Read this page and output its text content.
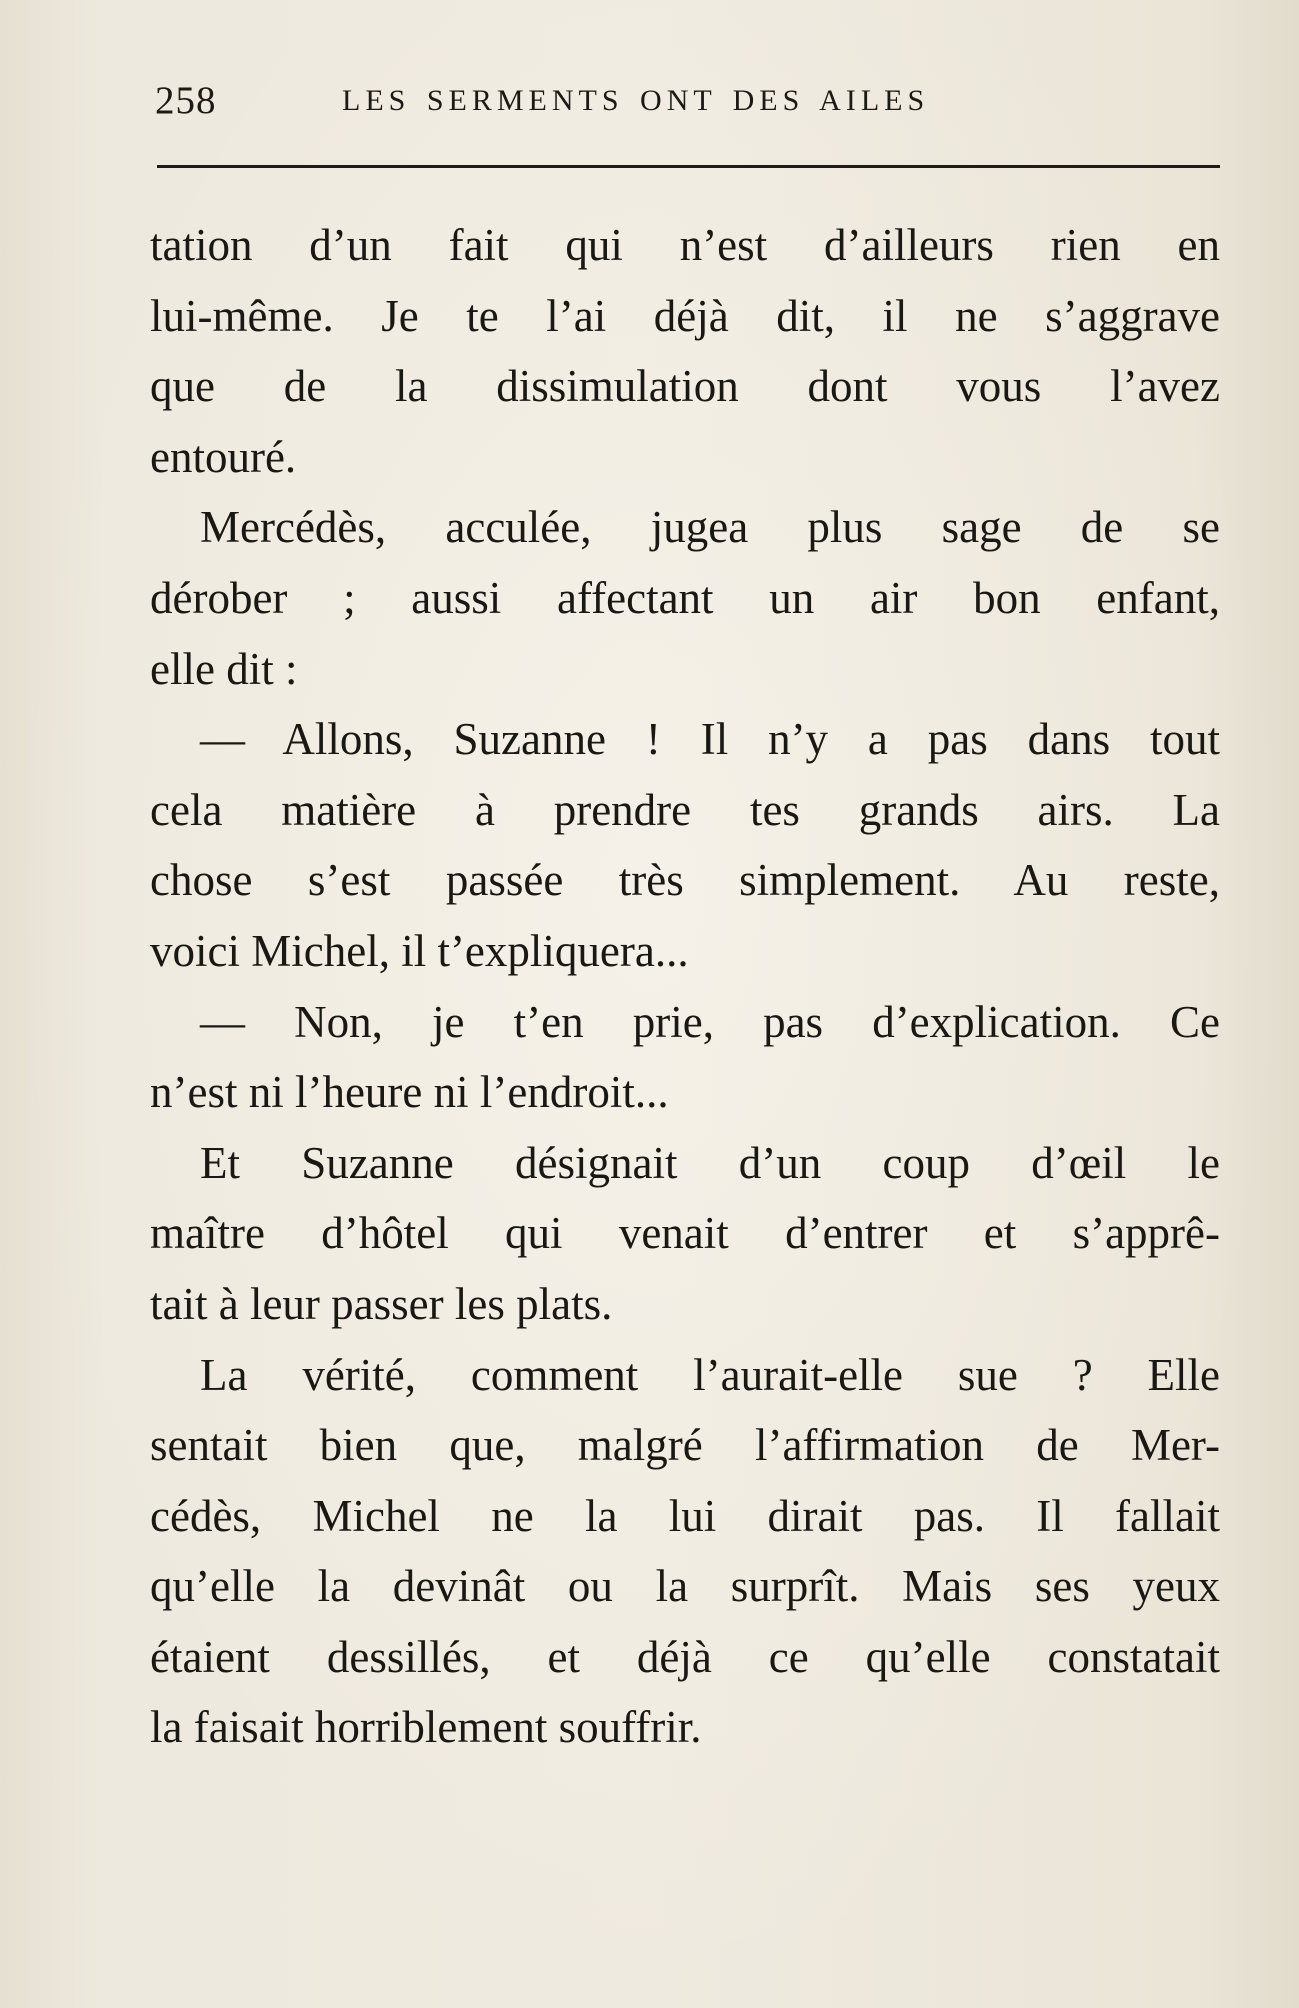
258	LES SERMENTS ONT DES AILES
tation d’un fait qui n’est d’ailleurs rien en
lui-même. Je te l’ai déjà dit, il ne s’aggrave
que de la dissimulation dont vous l’avez
entouré.
Mercédès, acculée, jugea plus sage de se
dérober ; aussi affectant un air bon enfant,
elle dit :
— Allons, Suzanne ! Il n’y a pas dans tout
cela matière à prendre tes grands airs. La
chose s’est passée très simplement. Au reste,
voici Michel, il t’expliquera...
— Non, je t’en prie, pas d’explication. Ce
n’est ni l’heure ni l’endroit...
Et Suzanne désignait d’un coup d’œil le
maître d’hôtel qui venait d’entrer et s’apprê-
tait à leur passer les plats.
La vérité, comment l’aurait-elle sue ? Elle
sentait bien que, malgré l’affirmation de Mer-
cédès, Michel ne la lui dirait pas. Il fallait
qu’elle la devinât ou la surprît. Mais ses yeux
étaient dessillés, et déjà ce qu’elle constatait
la faisait horriblement souffrir.
